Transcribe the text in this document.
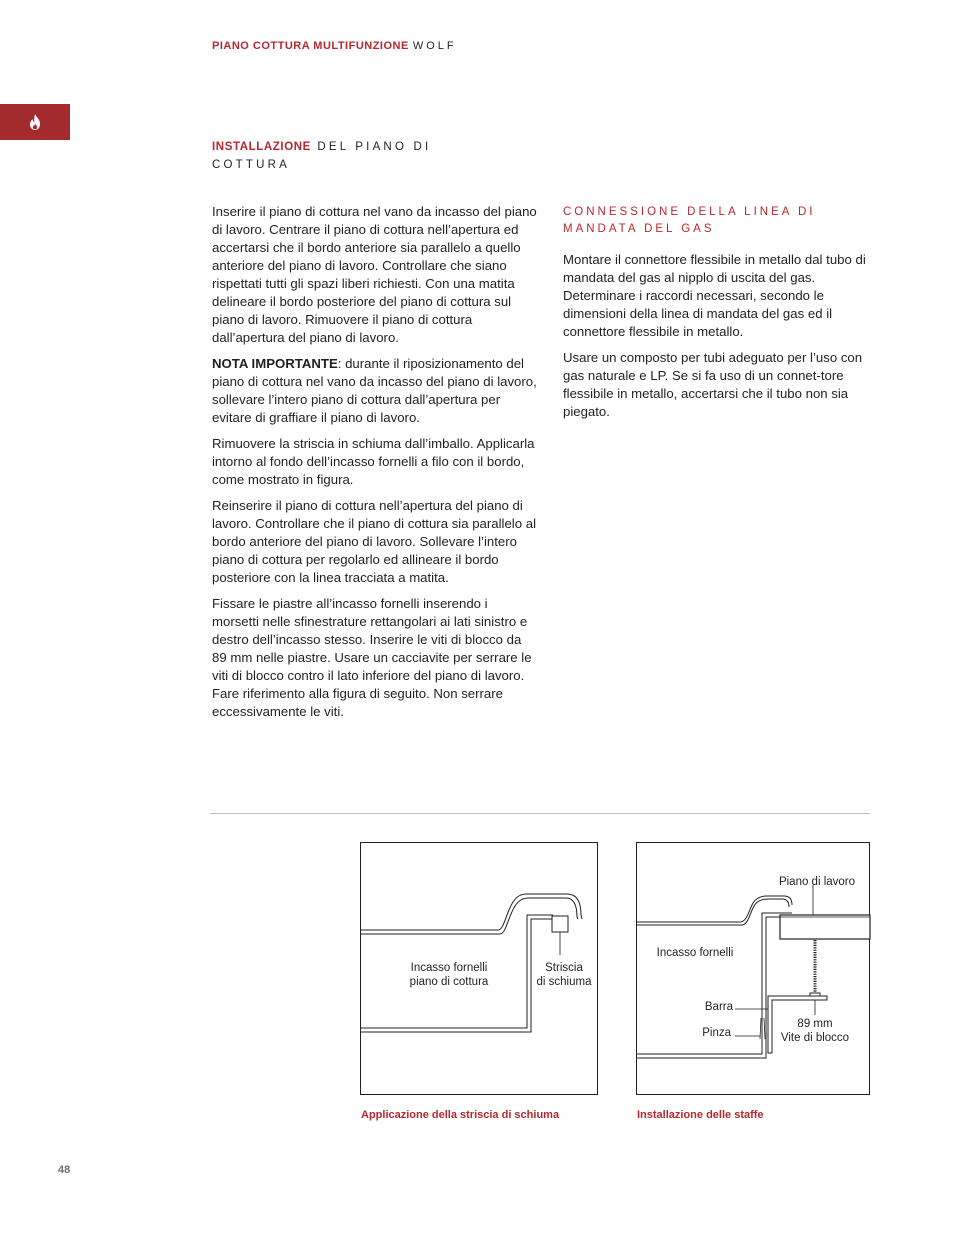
PIANO COTTURA MULTIFUNZIONE WOLF
INSTALLAZIONE DEL PIANO DI COTTURA

Inserire il piano di cottura nel vano da incasso del piano di lavoro. Centrare il piano di cottura nell’apertura ed accertarsi che il bordo anteriore sia parallelo a quello anteriore del piano di lavoro. Controllare che siano rispettati tutti gli spazi liberi richiesti. Con una matita delineare il bordo posteriore del piano di cottura sul piano di lavoro. Rimuovere il piano di cottura dall’apertura del piano di lavoro.

NOTA IMPORTANTE: durante il riposizionamento del piano di cottura nel vano da incasso del piano di lavoro, sollevare l’intero piano di cottura dall’apertura per evitare di graffiare il piano di lavoro.

Rimuovere la striscia in schiuma dall’imballo. Applicarla intorno al fondo dell’incasso fornelli a filo con il bordo, come mostrato in figura.

Reinserire il piano di cottura nell’apertura del piano di lavoro. Controllare che il piano di cottura sia parallelo al bordo anteriore del piano di lavoro. Sollevare l’intero piano di cottura per regolarlo ed allineare il bordo posteriore con la linea tracciata a matita.

Fissare le piastre all’incasso fornelli inserendo i morsetti nelle sfinestrature rettangolari ai lati sinistro e destro dell’incasso stesso. Inserire le viti di blocco da 89 mm nelle piastre. Usare un cacciavite per serrare le viti di blocco contro il lato inferiore del piano di lavoro. Fare riferimento alla figura di seguito. Non serrare eccessivamente le viti.

CONNESSIONE DELLA LINEA DI MANDATA DEL GAS

Montare il connettore flessibile in metallo dal tubo di mandata del gas al nipplo di uscita del gas. Determinare i raccordi necessari, secondo le dimensioni della linea di mandata del gas ed il connettore flessibile in metallo.

Usare un composto per tubi adeguato per l’uso con gas naturale e LP. Se si fa uso di un connet-tore flessibile in metallo, accertarsi che il tubo non sia piegato.

Incasso fornelli
piano di cottura
Striscia
di schiuma
Piano di lavoro
Incasso fornelli
Barra
Pinza
89 mm
Vite di blocco
Applicazione della striscia di schiuma	Installazione delle staffe
48
